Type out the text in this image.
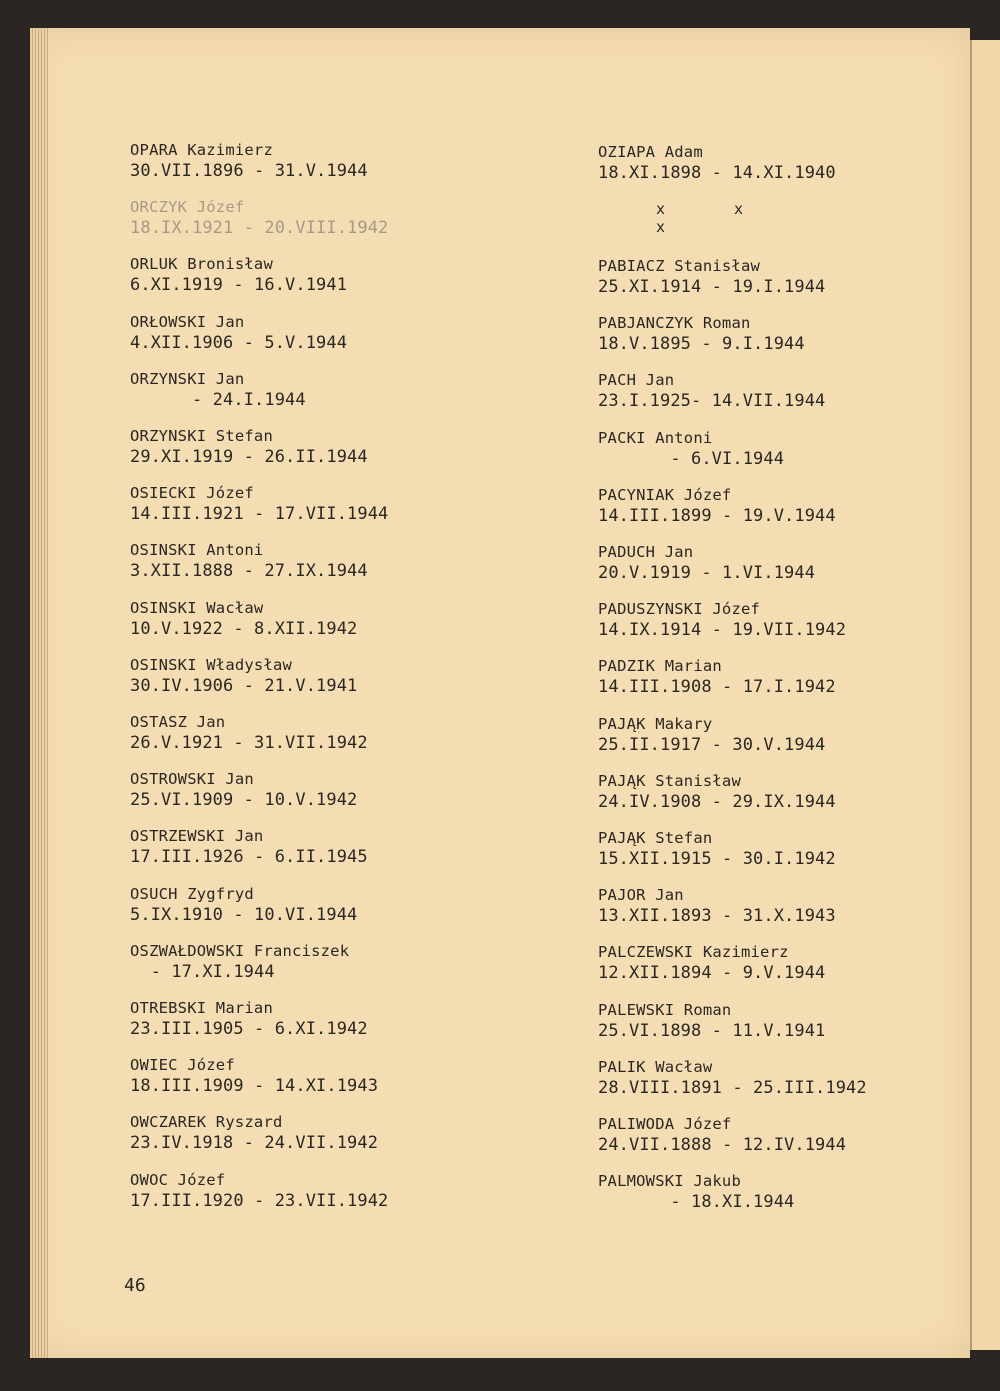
OPARA Kazimierz
30.VII.1896 - 31.V.1944
ORCZYK Józef
18.IX.1921 - 20.VIII.1942
ORLUK Bronisław
6.XI.1919 - 16.V.1941
ORŁOWSKI Jan
4.XII.1906 - 5.V.1944
ORZYNSKI Jan
- 24.I.1944
ORZYNSKI Stefan
29.XI.1919 - 26.II.1944
OSIECKI Józef
14.III.1921 - 17.VII.1944
OSINSKI Antoni
3.XII.1888 - 27.IX.1944
OSINSKI Wacław
10.V.1922 - 8.XII.1942
OSINSKI Władysław
30.IV.1906 - 21.V.1941
OSTASZ Jan
26.V.1921 - 31.VII.1942
OSTROWSKI Jan
25.VI.1909 - 10.V.1942
OSTRZEWSKI Jan
17.III.1926 - 6.II.1945
OSUCH Zygfryd
5.IX.1910 - 10.VI.1944
OSZWAŁDOWSKI Franciszek
- 17.XI.1944
OTREBSKI Marian
23.III.1905 - 6.XI.1942
OWIEC Józef
18.III.1909 - 14.XI.1943
OWCZAREK Ryszard
23.IV.1918 - 24.VII.1942
OWOC Józef
17.III.1920 - 23.VII.1942
OZIAPA Adam
18.XI.1898 - 14.XI.1940
x x x
PABIACZ Stanisław
25.XI.1914 - 19.I.1944
PABJANCZYK Roman
18.V.1895 - 9.I.1944
PACH Jan
23.I.1925- 14.VII.1944
PACKI Antoni
- 6.VI.1944
PACYNIAK Józef
14.III.1899 - 19.V.1944
PADUCH Jan
20.V.1919 - 1.VI.1944
PADUSZYNSKI Józef
14.IX.1914 - 19.VII.1942
PADZIK Marian
14.III.1908 - 17.I.1942
PAJĄK Makary
25.II.1917 - 30.V.1944
PAJĄK Stanisław
24.IV.1908 - 29.IX.1944
PAJĄK Stefan
15.XII.1915 - 30.I.1942
PAJOR Jan
13.XII.1893 - 31.X.1943
PALCZEWSKI Kazimierz
12.XII.1894 - 9.V.1944
PALEWSKI Roman
25.VI.1898 - 11.V.1941
PALIK Wacław
28.VIII.1891 - 25.III.1942
PALIWODA Józef
24.VII.1888 - 12.IV.1944
PALMOWSKI Jakub
- 18.XI.1944
46
